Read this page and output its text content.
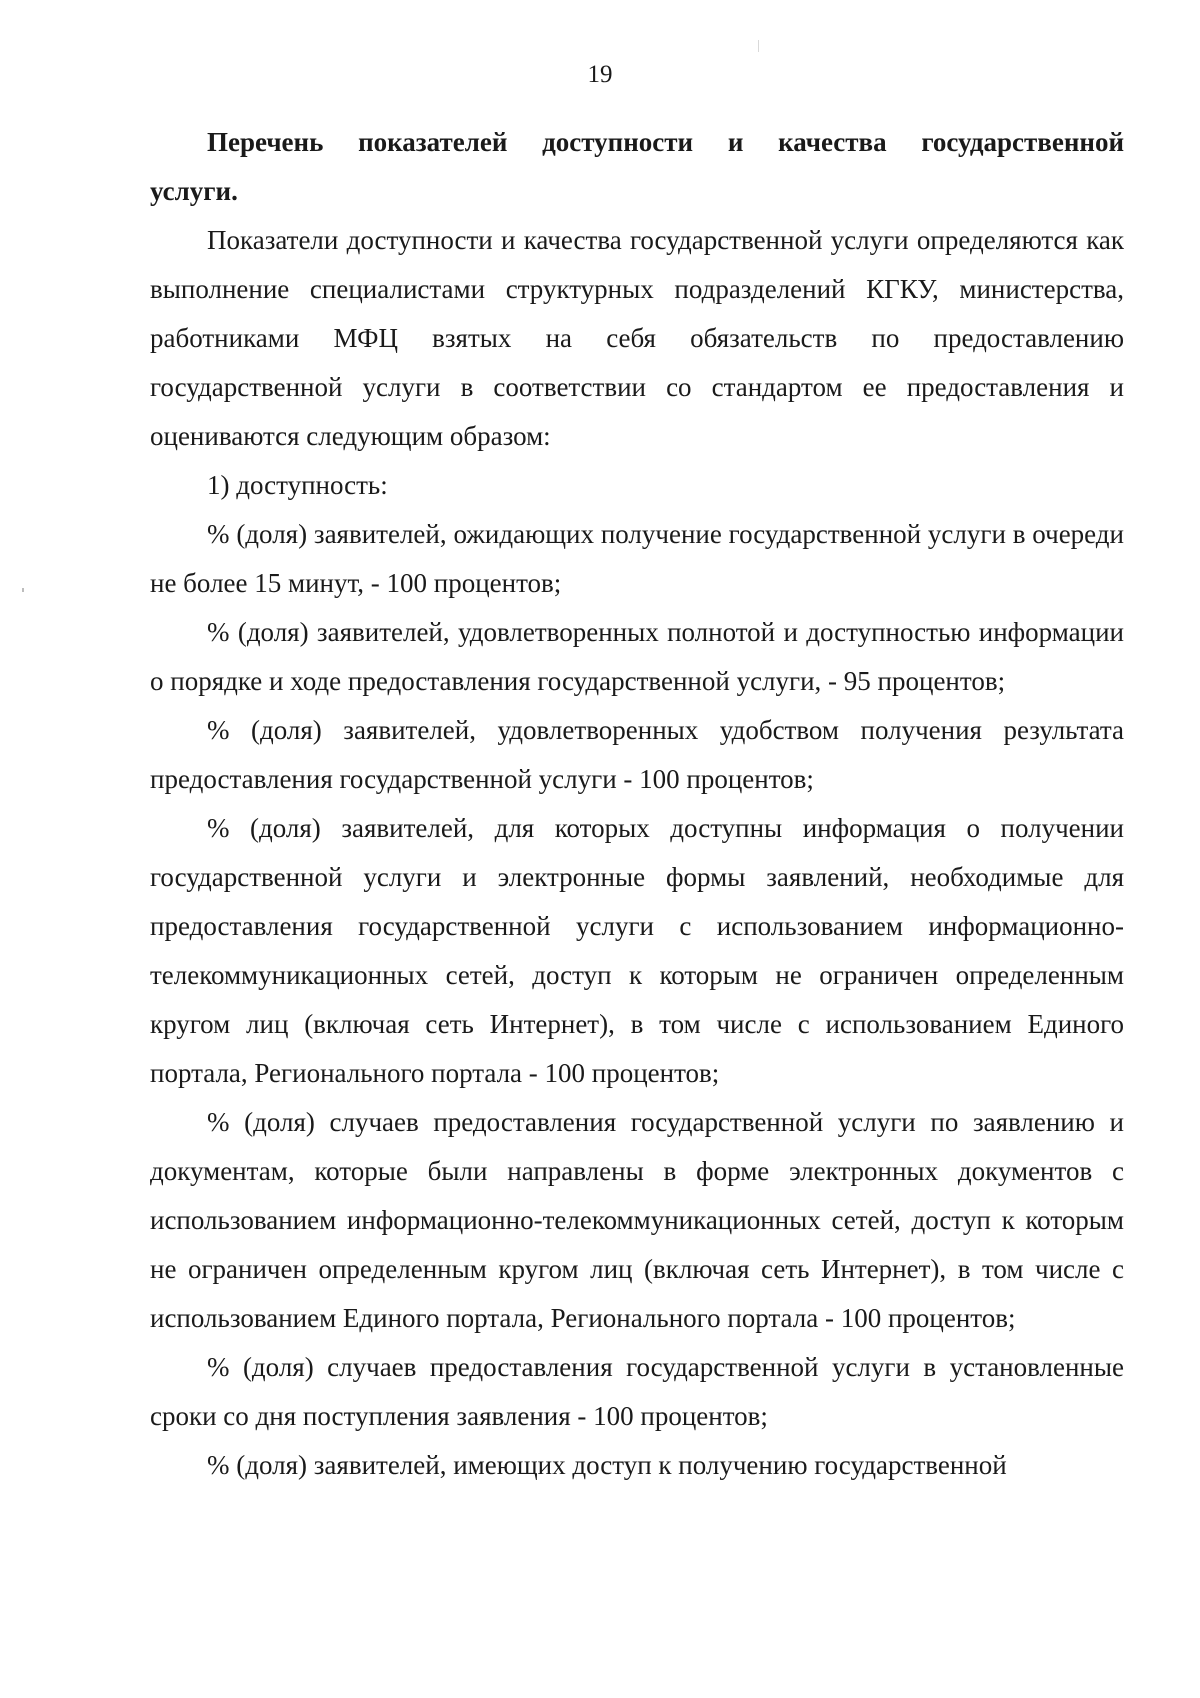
19

Перечень показателей доступности и качества государственной услуги.

Показатели доступности и качества государственной услуги определяются как выполнение специалистами структурных подразделений КГКУ, министерства, работниками МФЦ взятых на себя обязательств по предоставлению государственной услуги в соответствии со стандартом ее предоставления и оцениваются следующим образом:

1) доступность:

% (доля) заявителей, ожидающих получение государственной услуги в очереди не более 15 минут, - 100 процентов;

% (доля) заявителей, удовлетворенных полнотой и доступностью информации о порядке и ходе предоставления государственной услуги, - 95 процентов;

% (доля) заявителей, удовлетворенных удобством получения результата предоставления государственной услуги - 100 процентов;

% (доля) заявителей, для которых доступны информация о получении государственной услуги и электронные формы заявлений, необходимые для предоставления государственной услуги с использованием информационно-телекоммуникационных сетей, доступ к которым не ограничен определенным кругом лиц (включая сеть Интернет), в том числе с использованием Единого портала, Регионального портала - 100 процентов;

% (доля) случаев предоставления государственной услуги по заявлению и документам, которые были направлены в форме электронных документов с использованием информационно-телекоммуникационных сетей, доступ к которым не ограничен определенным кругом лиц (включая сеть Интернет), в том числе с использованием Единого портала, Регионального портала - 100 процентов;

% (доля) случаев предоставления государственной услуги в установленные сроки со дня поступления заявления - 100 процентов;

% (доля) заявителей, имеющих доступ к получению государственной
